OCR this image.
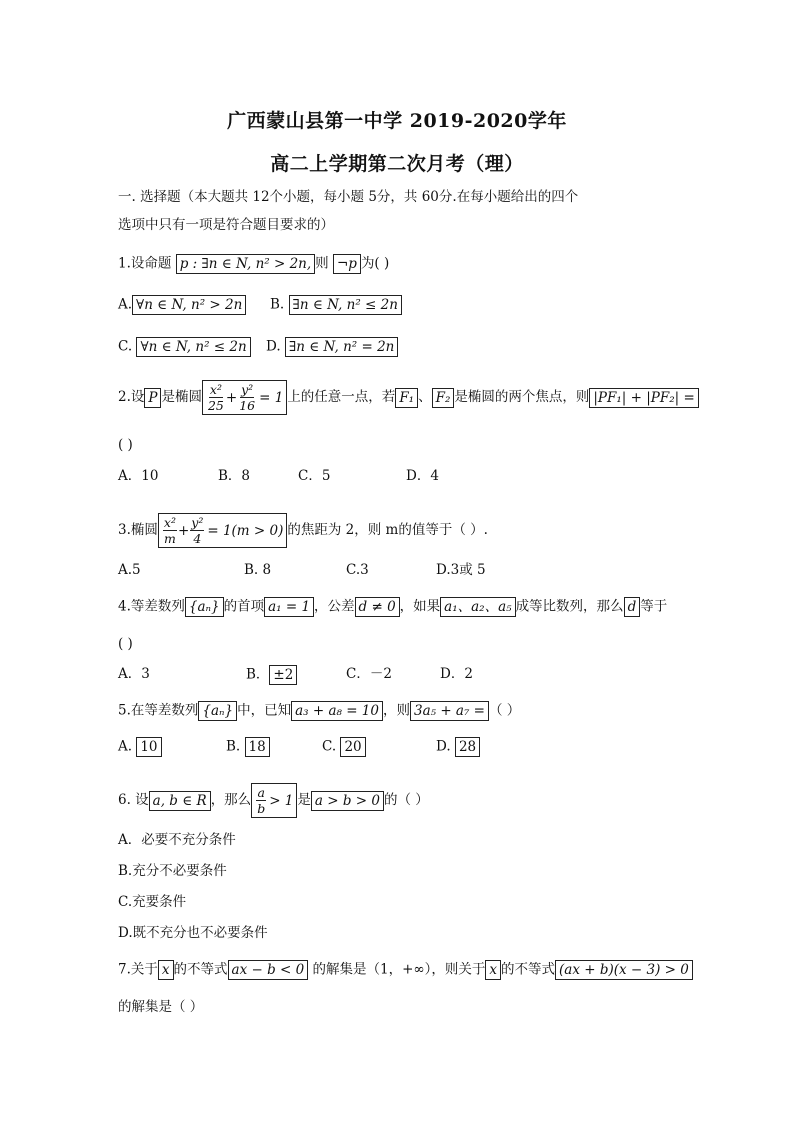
广西蒙山县第一中学 2019-2020学年
高二上学期第二次月考（理）
一. 选择题（本大题共 12个小题，每小题 5分，共 60分.在每小题给出的四个
选项中只有一项是符合题目要求的）
1.设命题 p : ∃n ∈ N, n² > 2n, 则 ¬p 为( )
A. ∀n ∈ N, n² > 2n B. ∃n ∈ N, n² ≤ 2n
C. ∀n ∈ N, n² ≤ 2n D. ∃n ∈ N, n² = 2n
2.设 P 是椭圆 $\frac{\text{x²}}{25} + \frac{\text{y²}}{16} = 1$ 上的任意一点，若 F₁ 、 F₂ 是椭圆的两个焦点，则 |PF₁| + |PF₂| =
( )
A．10	B．8	C．5	D．4
3.椭圆 $\frac{\text{x²}}{m} + \frac{\text{y²}}{4} = 1(m > 0)$ 的焦距为 2，则 m的值等于（ ）.
A.5	B. 8	C.3	D.3或 5
4.等差数列 {aₙ} 的首项 a₁ = 1 ，公差 d ≠ 0 ，如果 a₁、a₂、a₅ 成等比数列，那么 d 等于
( )
A．3	B． ±2	C．－2	D．2
5.在等差数列 {aₙ} 中，已知 a₃ + a₈ = 10 ，则 3a₅ + a₇ = （ ）
A. 10	B. 18	C. 20	D. 28
6. 设 a, b ∈ R ，那么 $\frac{a}{b} > 1$ 是 a > b > 0 的（ ）
A．必要不充分条件
B.充分不必要条件
C.充要条件
D.既不充分也不必要条件
7.关于 x 的不等式 ax − b < 0 的解集是（1，+∞），则关于 x 的不等式 (ax + b)(x − 3) > 0
的解集是（ ）
